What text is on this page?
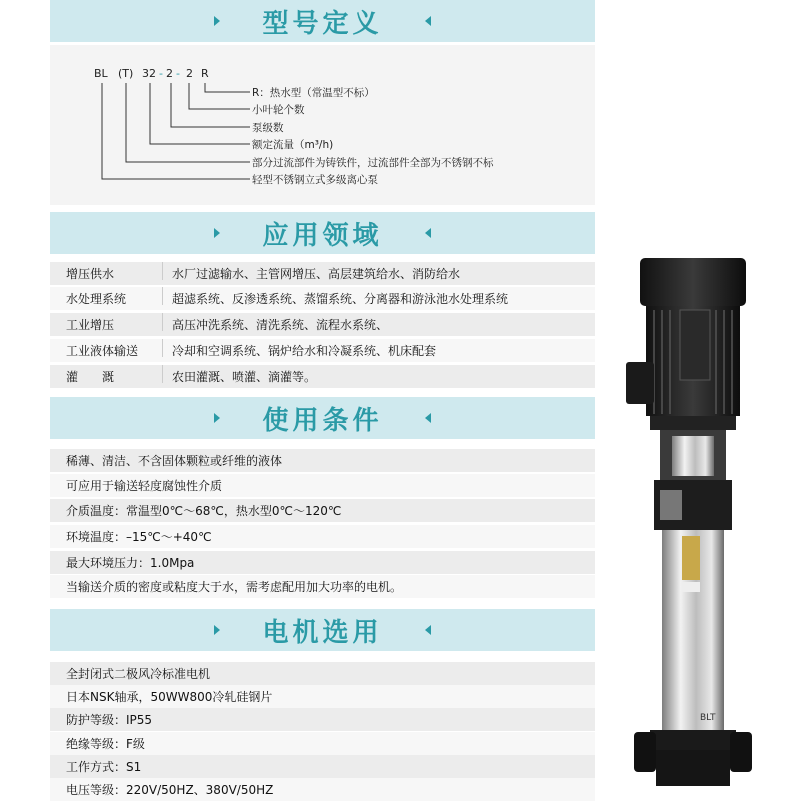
型号定义
BL (T) 32 - 2 - 2 R
R：热水型（常温型不标）
小叶轮个数
泵级数
额定流量（m³/h)
部分过流部件为铸铁件，过流部件全部为不锈钢不标
轻型不锈钢立式多级离心泵
应用领域
增压供水	水厂过滤输水、主管网增压、高层建筑给水、消防给水
水处理系统	超滤系统、反渗透系统、蒸馏系统、分离器和游泳池水处理系统
工业增压	高压冲洗系统、清洗系统、流程水系统、
工业液体输送	冷却和空调系统、锅炉给水和冷凝系统、机床配套
灌　　溉	农田灌溉、喷灌、滴灌等。
使用条件
稀薄、清洁、不含固体颗粒或纤维的液体
可应用于输送轻度腐蚀性介质
介质温度：常温型0℃～68℃，热水型0℃～120℃
环境温度：–15℃～+40℃
最大环境压力：1.0Mpa
当输送介质的密度或粘度大于水，需考虑配用加大功率的电机。
电机选用
全封闭式二极风冷标准电机
日本NSK轴承，50WW800冷轧硅钢片
防护等级：IP55
绝缘等级：F级
工作方式：S1
电压等级：220V/50HZ、380V/50HZ
BLT
